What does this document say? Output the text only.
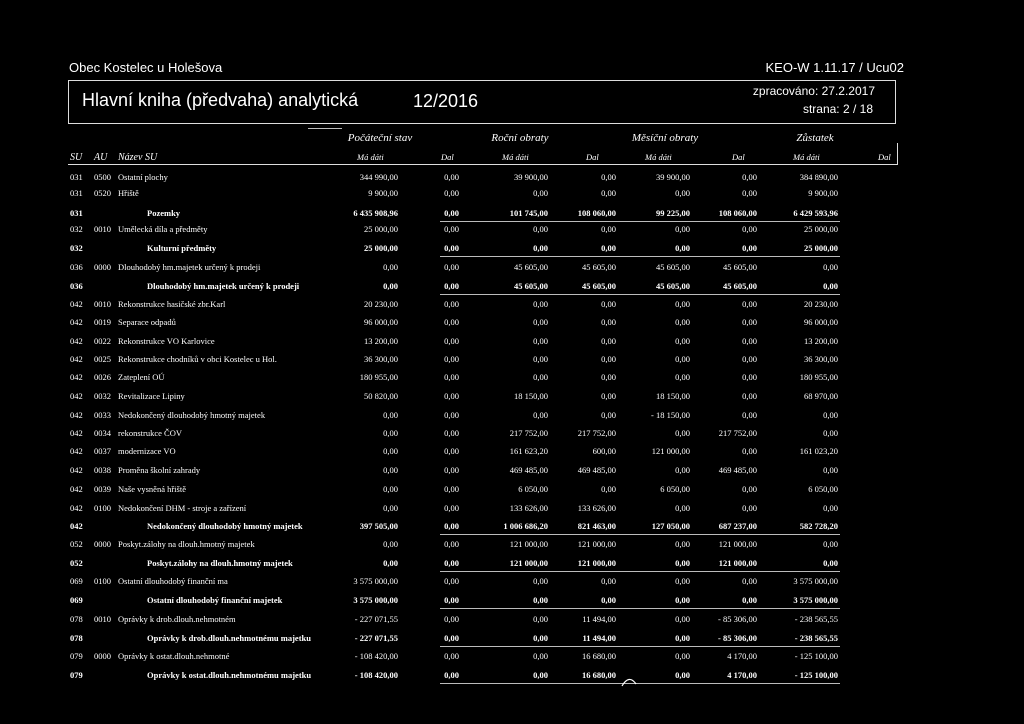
Obec Kostelec u Holešova	KEO-W 1.11.17 / Ucu02
Hlavní kniha (předvaha) analytická	12/2016	zpracováno: 27.2.2017
strana: 2 / 18
Počáteční stav	Roční obraty	Měsíční obraty	Zůstatek
SU AU Název SU	Má dáti	Dal	Má dáti	Dal	Má dáti	Dal	Má dáti	Dal
031 0500 Ostatní plochy	344 990,00	0,00	39 900,00	0,00	39 900,00	0,00	384 890,00
031 0520 Hřiště	9 900,00	0,00	0,00	0,00	0,00	0,00	9 900,00
031	Pozemky	6 435 908,96	0,00	101 745,00	108 060,00	99 225,00	108 060,00	6 429 593,96
032 0010 Umělecká díla a předměty	25 000,00	0,00	0,00	0,00	0,00	0,00	25 000,00
032	Kulturní předměty	25 000,00	0,00	0,00	0,00	0,00	0,00	25 000,00
036 0000 Dlouhodobý hm.majetek určený k prodeji	0,00	0,00	45 605,00	45 605,00	45 605,00	45 605,00	0,00
036	Dlouhodobý hm.majetek určený k prodeji	0,00	0,00	45 605,00	45 605,00	45 605,00	45 605,00	0,00
042 0010 Rekonstrukce hasičské zbr.Karl	20 230,00	0,00	0,00	0,00	0,00	0,00	20 230,00
042 0019 Separace odpadů	96 000,00	0,00	0,00	0,00	0,00	0,00	96 000,00
042 0022 Rekonstrukce VO Karlovice	13 200,00	0,00	0,00	0,00	0,00	0,00	13 200,00
042 0025 Rekonstrukce chodníků v obci Kostelec u Hol.	36 300,00	0,00	0,00	0,00	0,00	0,00	36 300,00
042 0026 Zateplení OÚ	180 955,00	0,00	0,00	0,00	0,00	0,00	180 955,00
042 0032 Revitalizace Lipiny	50 820,00	0,00	18 150,00	0,00	18 150,00	0,00	68 970,00
042 0033 Nedokončený dlouhodobý hmotný majetek	0,00	0,00	0,00	0,00	- 18 150,00	0,00	0,00
042 0034 rekonstrukce ČOV	0,00	0,00	217 752,00	217 752,00	0,00	217 752,00	0,00
042 0037 modernizace VO	0,00	0,00	161 623,20	600,00	121 000,00	0,00	161 023,20
042 0038 Proměna školní zahrady	0,00	0,00	469 485,00	469 485,00	0,00	469 485,00	0,00
042 0039 Naše vysněná hřiště	0,00	0,00	6 050,00	0,00	6 050,00	0,00	6 050,00
042 0100 Nedokončení DHM - stroje a zařízení	0,00	0,00	133 626,00	133 626,00	0,00	0,00	0,00
042	Nedokončený dlouhodobý hmotný majetek	397 505,00	0,00	1 006 686,20	821 463,00	127 050,00	687 237,00	582 728,20
052 0000 Poskyt.zálohy na dlouh.hmotný majetek	0,00	0,00	121 000,00	121 000,00	0,00	121 000,00	0,00
052	Poskyt.zálohy na dlouh.hmotný majetek	0,00	0,00	121 000,00	121 000,00	0,00	121 000,00	0,00
069 0100 Ostatní dlouhodobý finanční ma	3 575 000,00	0,00	0,00	0,00	0,00	0,00	3 575 000,00
069	Ostatní dlouhodobý finanční majetek	3 575 000,00	0,00	0,00	0,00	0,00	0,00	3 575 000,00
078 0010 Oprávky k drob.dlouh.nehmotném	- 227 071,55	0,00	0,00	11 494,00	0,00	- 85 306,00	- 238 565,55
078	Oprávky k drob.dlouh.nehmotnému majetku	- 227 071,55	0,00	0,00	11 494,00	0,00	- 85 306,00	- 238 565,55
079 0000 Oprávky k ostat.dlouh.nehmotné	- 108 420,00	0,00	0,00	16 680,00	0,00	4 170,00	- 125 100,00
079	Oprávky k ostat.dlouh.nehmotnému majetku	- 108 420,00	0,00	0,00	16 680,00	0,00	4 170,00	- 125 100,00
